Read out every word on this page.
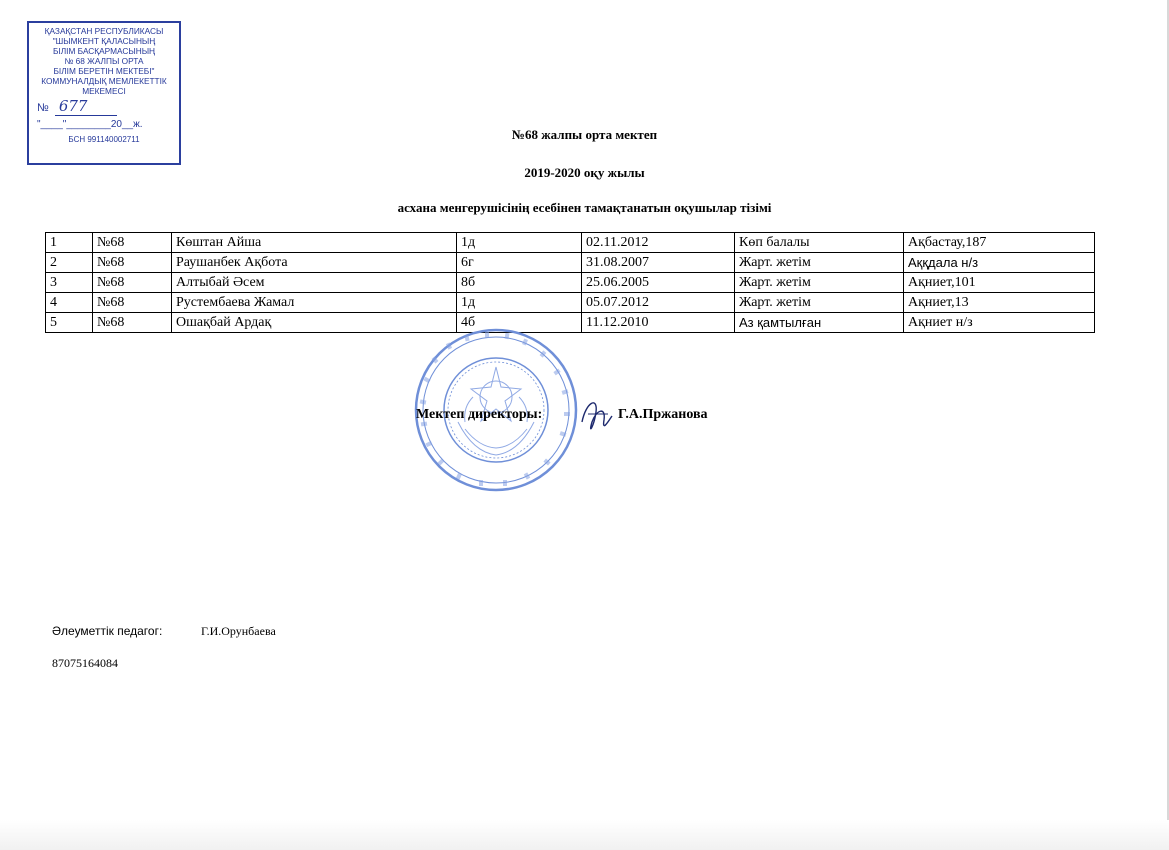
ҚАЗАҚСТАН РЕСПУБЛИКАСЫ
"ШЫМКЕНТ ҚАЛАСЫНЫҢ
БІЛІМ БАСҚАРМАСЫНЫҢ
№ 68 ЖАЛПЫ ОРТА
БІЛІМ БЕРЕТІН МЕКТЕБІ"
КОММУНАЛДЫҚ МЕМЛЕКЕТТІК
МЕКЕМЕСІ
№ 677
"____"________20__ж.
БСН 991140002711	№68 жалпы орта мектеп
2019-2020 оқу жылы
асхана менгерушісінің есебінен тамақтанатын оқушылар тізімі
1	№68	Көштан Айша	1д	02.11.2012	Көп балалы	Ақбастау,187
2	№68	Раушанбек Ақбота	6г	31.08.2007	Жарт. жетім	Аққдала н/з
3	№68	Алтыбай Әсем	8б	25.06.2005	Жарт. жетім	Ақниет,101
4	№68	Рустембаева Жамал	1д	05.07.2012	Жарт. жетім	Ақниет,13
5	№68	Ошақбай Ардақ	4б	11.12.2010	Аз қамтылған	Ақниет н/з
Мектеп директоры:	Г.А.Пржанова
Әлеуметтік педагог:	Г.И.Орунбаева
87075164084
